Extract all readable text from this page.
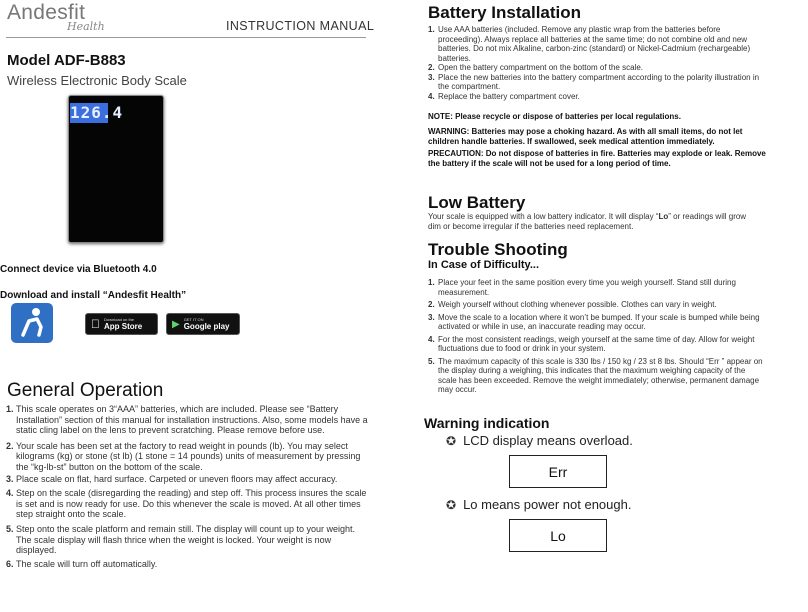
Andesfit
Health	INSTRUCTION MANUAL
Model ADF-B883
Wireless Electronic Body Scale
126.4
Connect device via Bluetooth 4.0
Download and install “Andesfit Health”
Download on the
App Store	▶ GET IT ON
Google play
General Operation
1. This scale operates on 3“AAA” batteries, which are included. Please see “Battery Installation” section of this manual for installation instructions. Also, some models have a static cling label on the lens to prevent scratching. Please remove before use.
2. Your scale has been set at the factory to read weight in pounds (lb). You may select kilograms (kg) or stone (st lb) (1 stone = 14 pounds) units of measurement by pressing the “kg-lb-st” button on the bottom of the scale.
3. Place scale on flat, hard surface. Carpeted or uneven floors may affect accuracy.
4. Step on the scale (disregarding the reading) and step off. This process insures the scale is set and is now ready for use. Do this whenever the scale is moved. At all other times step straight onto the scale.
5. Step onto the scale platform and remain still. The display will count up to your weight. The scale display will flash thrice when the weight is locked. Your weight is now displayed.
6. The scale will turn off automatically.
Battery Installation
1. Use AAA batteries (included. Remove any plastic wrap from the batteries before proceeding). Always replace all batteries at the same time; do not combine old and new batteries. Do not mix Alkaline, carbon-zinc (standard) or Nickel-Cadmium (rechargeable) batteries.
2. Open the battery compartment on the bottom of the scale.
3. Place the new batteries into the battery compartment according to the polarity illustration in the compartment.
4. Replace the battery compartment cover.
NOTE: Please recycle or dispose of batteries per local regulations.
WARNING: Batteries may pose a choking hazard. As with all small items, do not let children handle batteries. If swallowed, seek medical attention immediately.
PRECAUTION: Do not dispose of batteries in fire. Batteries may explode or leak. Remove the battery if the scale will not be used for a long period of time.
Low Battery
Your scale is equipped with a low battery indicator. It will display “Lo” or readings will grow dim or become irregular if the batteries need replacement.
Trouble Shooting
In Case of Difficulty...
1. Place your feet in the same position every time you weigh yourself. Stand still during measurement.
2. Weigh yourself without clothing whenever possible. Clothes can vary in weight.
3. Move the scale to a location where it won’t be bumped. If your scale is bumped while being activated or while in use, an inaccurate reading may occur.
4. For the most consistent readings, weigh yourself at the same time of day. Allow for weight fluctuations due to food or drink in your system.
5. The maximum capacity of this scale is 330 lbs / 150 kg / 23 st 8 lbs. Should “Err ” appear on the display during a weighing, this indicates that the maximum weighing capacity of the scale has been exceeded. Remove the weight immediately; otherwise, permanent damage may occur.
Warning indication
✪ LCD display means overload.
Err
✪ Lo means power not enough.
Lo
